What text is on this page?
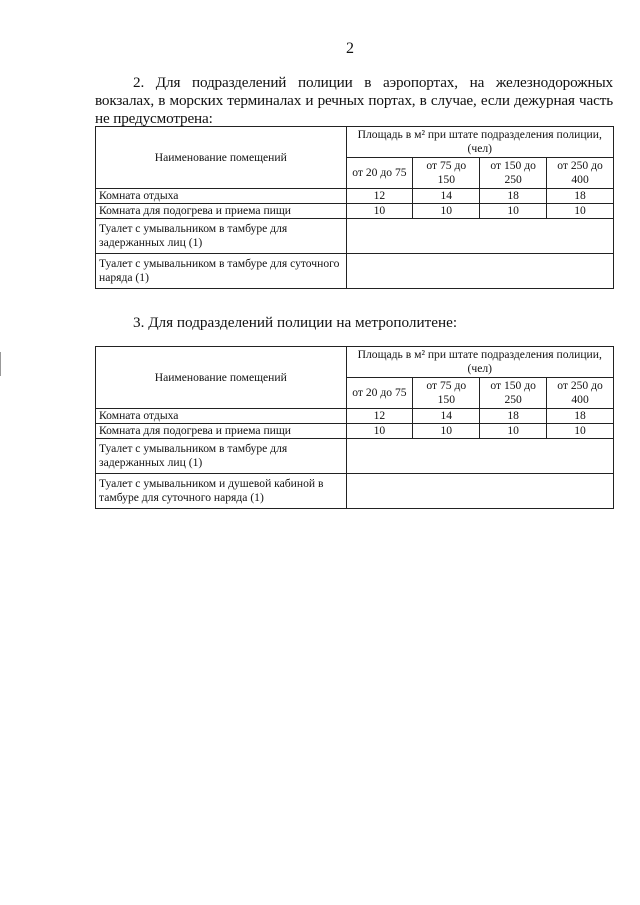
2
2. Для подразделений полиции в аэропортах, на железнодорожных вокзалах, в морских терминалах и речных портах, в случае, если дежурная часть не предусмотрена:
Наименование помещений	Площадь в м² при штате подразделения полиции, (чел)			
	от 20 до 75	от 75 до 150	от 150 до 250	от 250 до 400
Комната отдыха	12	14	18	18
Комната для подогрева и приема пищи	10	10	10	10
Туалет с умывальником в тамбуре для задержанных лиц (1)				
Туалет с умывальником в тамбуре для суточного наряда (1)				
3. Для подразделений полиции на метрополитене:
Наименование помещений	Площадь в м² при штате подразделения полиции, (чел)			
	от 20 до 75	от 75 до 150	от 150 до 250	от 250 до 400
Комната отдыха	12	14	18	18
Комната для подогрева и приема пищи	10	10	10	10
Туалет с умывальником в тамбуре для задержанных лиц (1)				
Туалет с умывальником и душевой кабиной в тамбуре для суточного наряда (1)				
